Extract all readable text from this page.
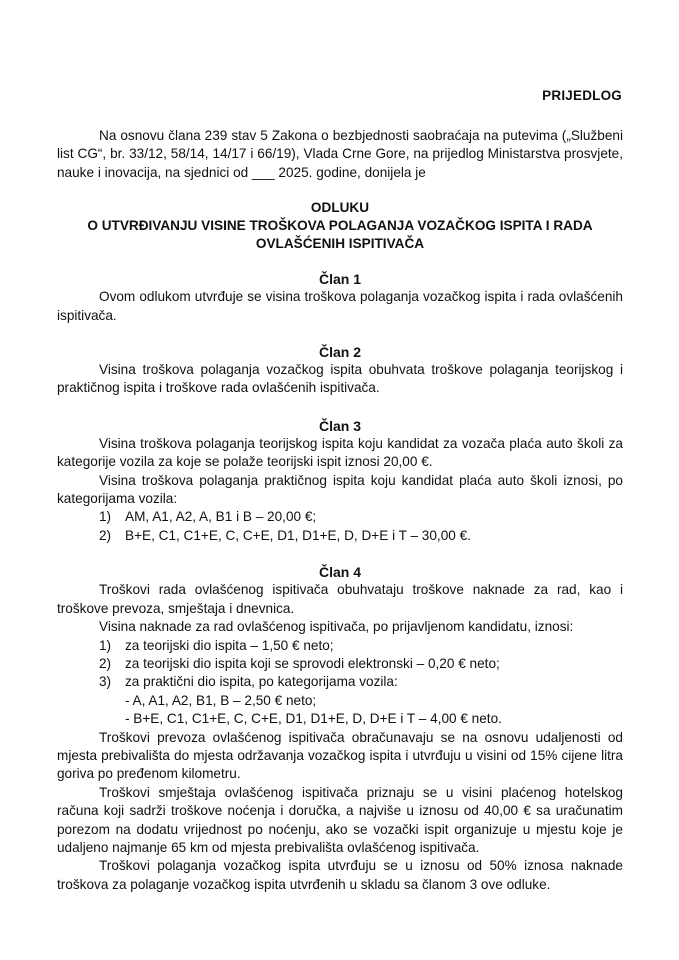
PRIJEDLOG

Na osnovu člana 239 stav 5 Zakona o bezbjednosti saobraćaja na putevima („Službeni list CG“, br. 33/12, 58/14, 14/17 i 66/19), Vlada Crne Gore, na prijedlog Ministarstva prosvjete, nauke i inovacija, na sjednici od ___ 2025. godine, donijela je

ODLUKU
O UTVRĐIVANJU VISINE TROŠKOVA POLAGANJA VOZAČKOG ISPITA I RADA
OVLAŠĆENIH ISPITIVAČA
Član 1

Ovom odlukom utvrđuje se visina troškova polaganja vozačkog ispita i rada ovlašćenih ispitivača.

Član 2

Visina troškova polaganja vozačkog ispita obuhvata troškove polaganja teorijskog i praktičnog ispita i troškove rada ovlašćenih ispitivača.

Član 3

Visina troškova polaganja teorijskog ispita koju kandidat za vozača plaća auto školi za kategorije vozila za koje se polaže teorijski ispit iznosi 20,00 €.

Visina troškova polaganja praktičnog ispita koju kandidat plaća auto školi iznosi, po kategorijama vozila:

1)	AM, A1, A2, A, B1 i B – 20,00 €;
2)	B+E, C1, C1+E, C, C+E, D1, D1+E, D, D+E i T – 30,00 €.
Član 4

Troškovi rada ovlašćenog ispitivača obuhvataju troškove naknade za rad, kao i troškove prevoza, smještaja i dnevnica.

Visina naknade za rad ovlašćenog ispitivača, po prijavljenom kandidatu, iznosi:

1)	za teorijski dio ispita – 1,50 € neto;
2)	za teorijski dio ispita koji se sprovodi elektronski – 0,20 € neto;
3)	za praktični dio ispita, po kategorijama vozila:
- A, A1, A2, B1, B – 2,50 € neto;
- B+E, C1, C1+E, C, C+E, D1, D1+E, D, D+E i T – 4,00 € neto.

Troškovi prevoza ovlašćenog ispitivača obračunavaju se na osnovu udaljenosti od mjesta prebivališta do mjesta održavanja vozačkog ispita i utvrđuju u visini od 15% cijene litra goriva po pređenom kilometru.

Troškovi smještaja ovlašćenog ispitivača priznaju se u visini plaćenog hotelskog računa koji sadrži troškove noćenja i doručka, a najviše u iznosu od 40,00 € sa uračunatim porezom na dodatu vrijednost po noćenju, ako se vozački ispit organizuje u mjestu koje je udaljeno najmanje 65 km od mjesta prebivališta ovlašćenog ispitivača.

Troškovi polaganja vozačkog ispita utvrđuju se u iznosu od 50% iznosa naknade troškova za polaganje vozačkog ispita utvrđenih u skladu sa članom 3 ove odluke.
